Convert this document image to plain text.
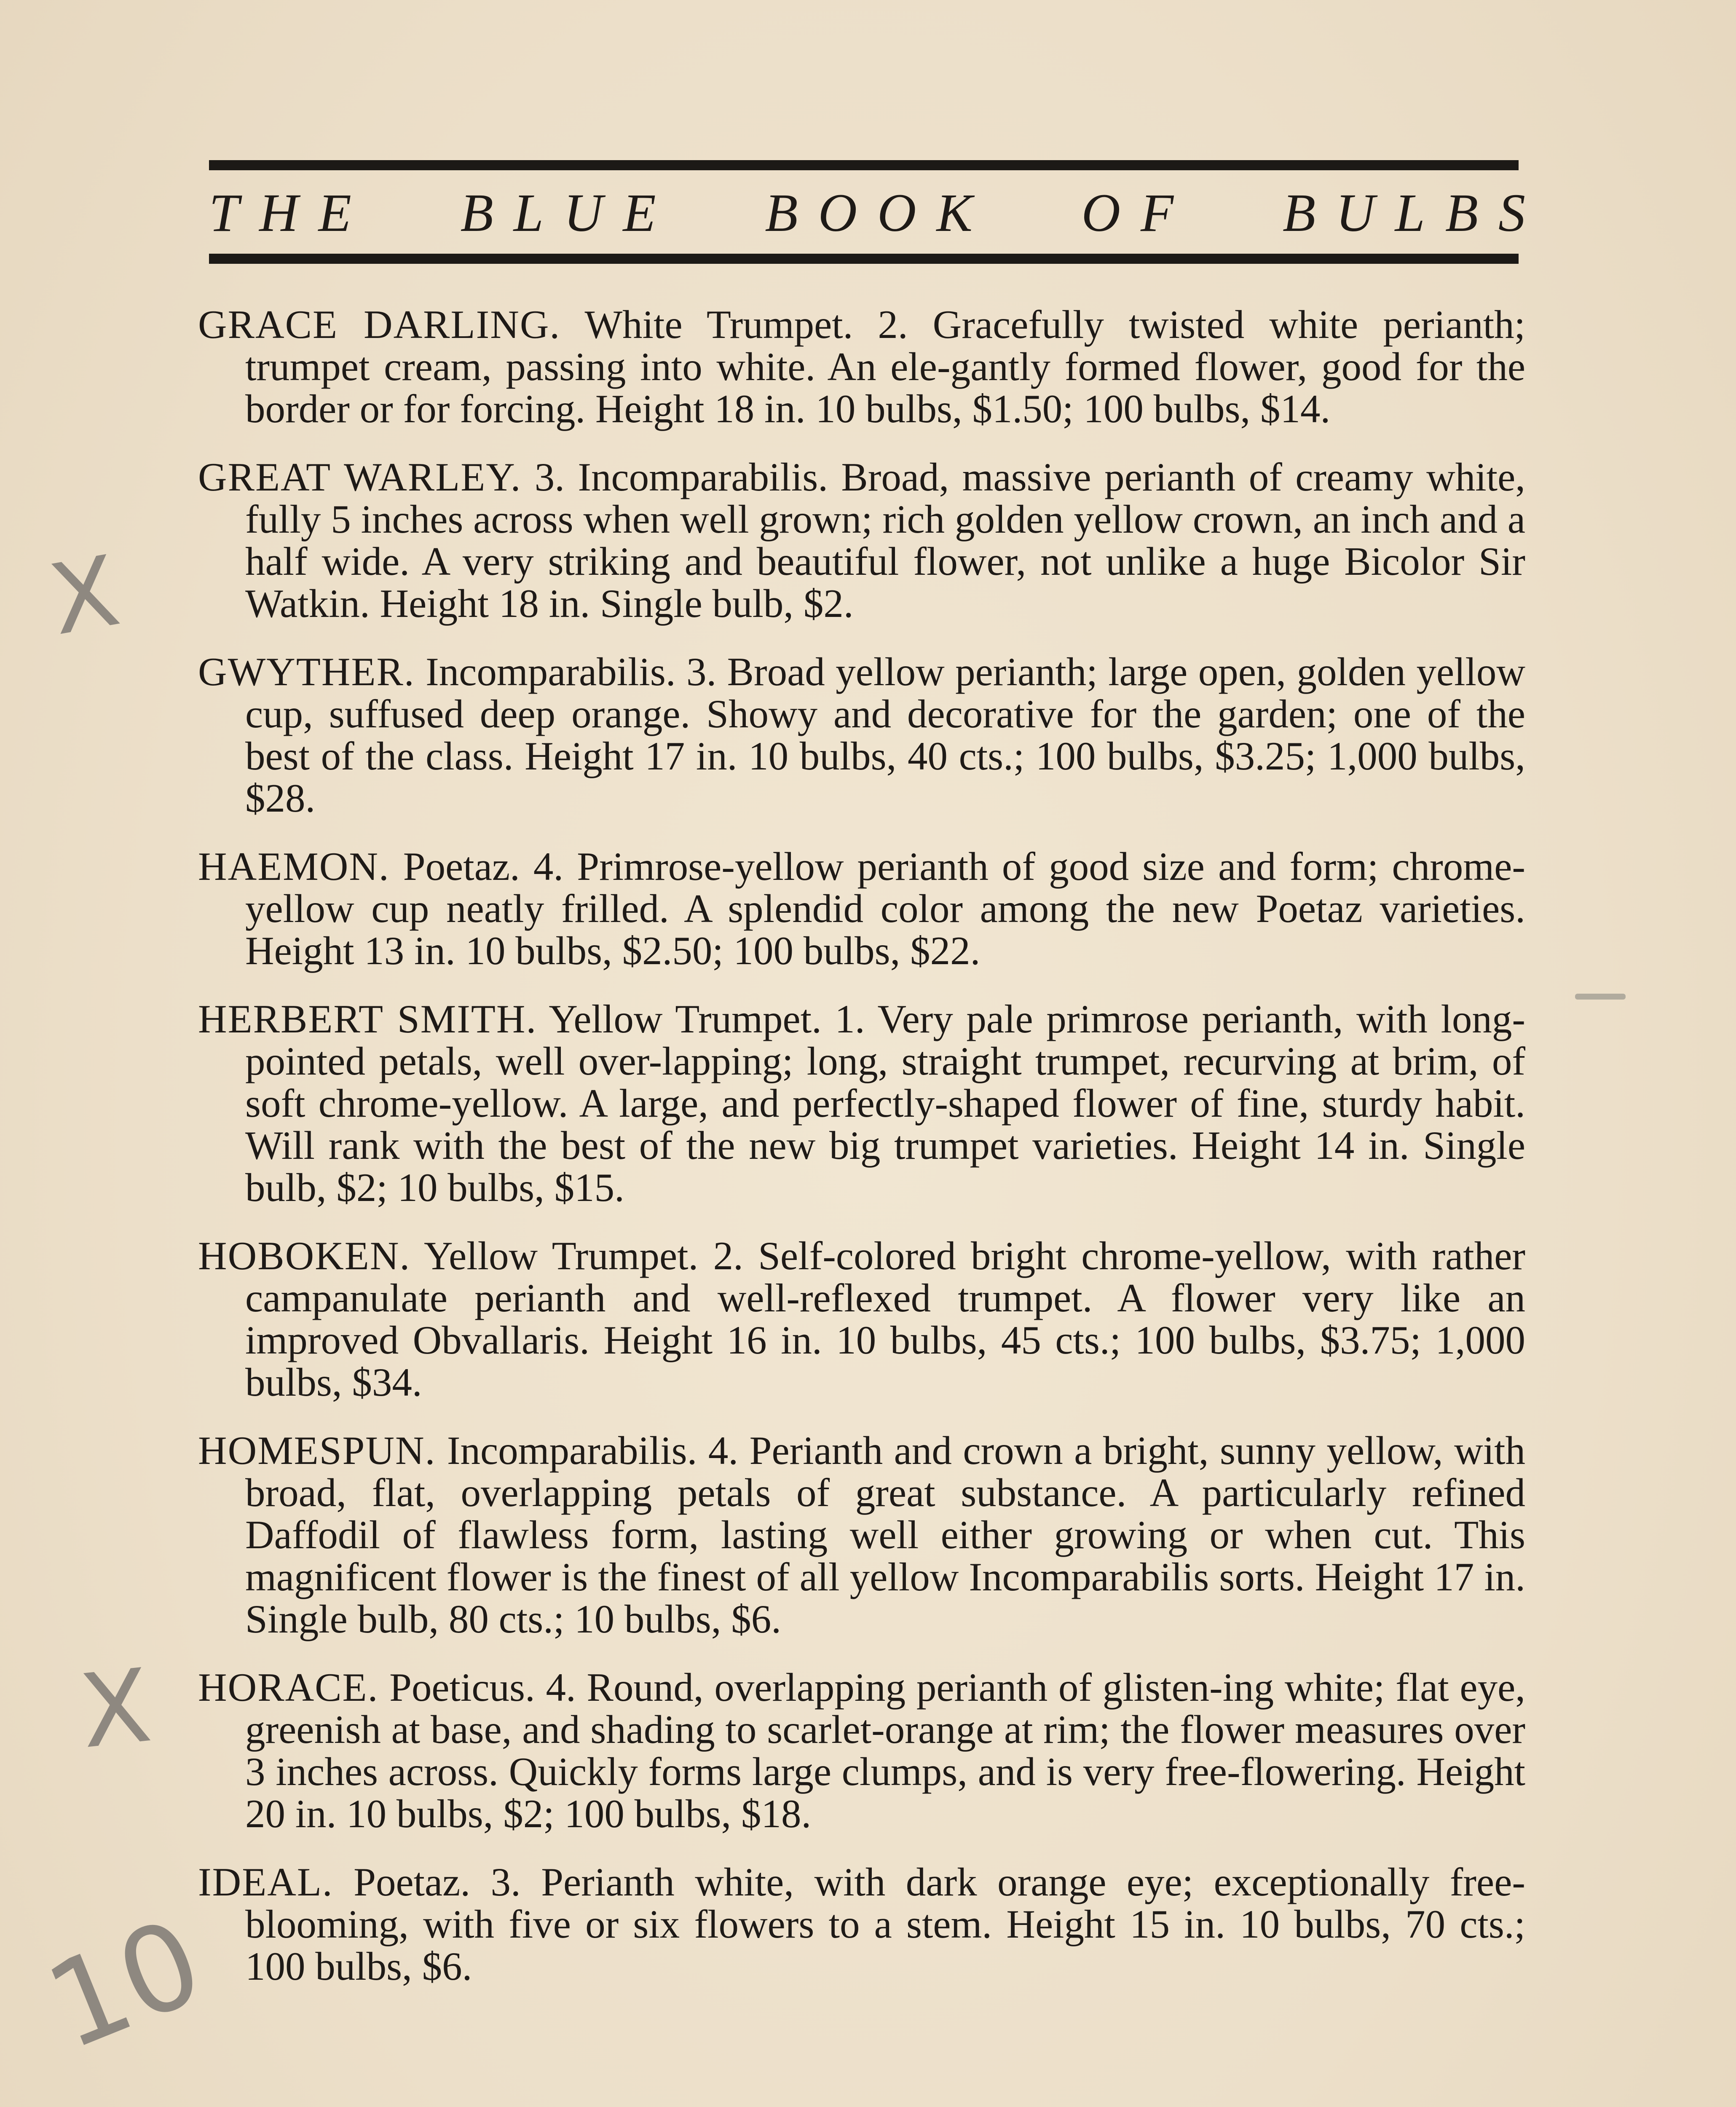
T H E B L U E B O O K O F B U L B S

GRACE DARLING. White Trumpet. 2. Gracefully twisted white perianth; trumpet cream, passing into white. An ele-gantly formed flower, good for the border or for forcing. Height 18 in. 10 bulbs, $1.50; 100 bulbs, $14.

GREAT WARLEY. 3. Incomparabilis. Broad, massive perianth of creamy white, fully 5 inches across when well grown; rich golden yellow crown, an inch and a half wide. A very striking and beautiful flower, not unlike a huge Bicolor Sir Watkin. Height 18 in. Single bulb, $2.

GWYTHER. Incomparabilis. 3. Broad yellow perianth; large open, golden yellow cup, suffused deep orange. Showy and decorative for the garden; one of the best of the class. Height 17 in. 10 bulbs, 40 cts.; 100 bulbs, $3.25; 1,000 bulbs, $28.

HAEMON. Poetaz. 4. Primrose-yellow perianth of good size and form; chrome-yellow cup neatly frilled. A splendid color among the new Poetaz varieties. Height 13 in. 10 bulbs, $2.50; 100 bulbs, $22.

HERBERT SMITH. Yellow Trumpet. 1. Very pale primrose perianth, with long-pointed petals, well over-lapping; long, straight trumpet, recurving at brim, of soft chrome-yellow. A large, and perfectly-shaped flower of fine, sturdy habit. Will rank with the best of the new big trumpet varieties. Height 14 in. Single bulb, $2; 10 bulbs, $15.

HOBOKEN. Yellow Trumpet. 2. Self-colored bright chrome-yellow, with rather campanulate perianth and well-reflexed trumpet. A flower very like an improved Obvallaris. Height 16 in. 10 bulbs, 45 cts.; 100 bulbs, $3.75; 1,000 bulbs, $34.

HOMESPUN. Incomparabilis. 4. Perianth and crown a bright, sunny yellow, with broad, flat, overlapping petals of great substance. A particularly refined Daffodil of flawless form, lasting well either growing or when cut. This magnificent flower is the finest of all yellow Incomparabilis sorts. Height 17 in. Single bulb, 80 cts.; 10 bulbs, $6.

HORACE. Poeticus. 4. Round, overlapping perianth of glisten-ing white; flat eye, greenish at base, and shading to scarlet-orange at rim; the flower measures over 3 inches across. Quickly forms large clumps, and is very free-flowering. Height 20 in. 10 bulbs, $2; 100 bulbs, $18.

IDEAL. Poetaz. 3. Perianth white, with dark orange eye; exceptionally free-blooming, with five or six flowers to a stem. Height 15 in. 10 bulbs, 70 cts.; 100 bulbs, $6.

X
X
10
